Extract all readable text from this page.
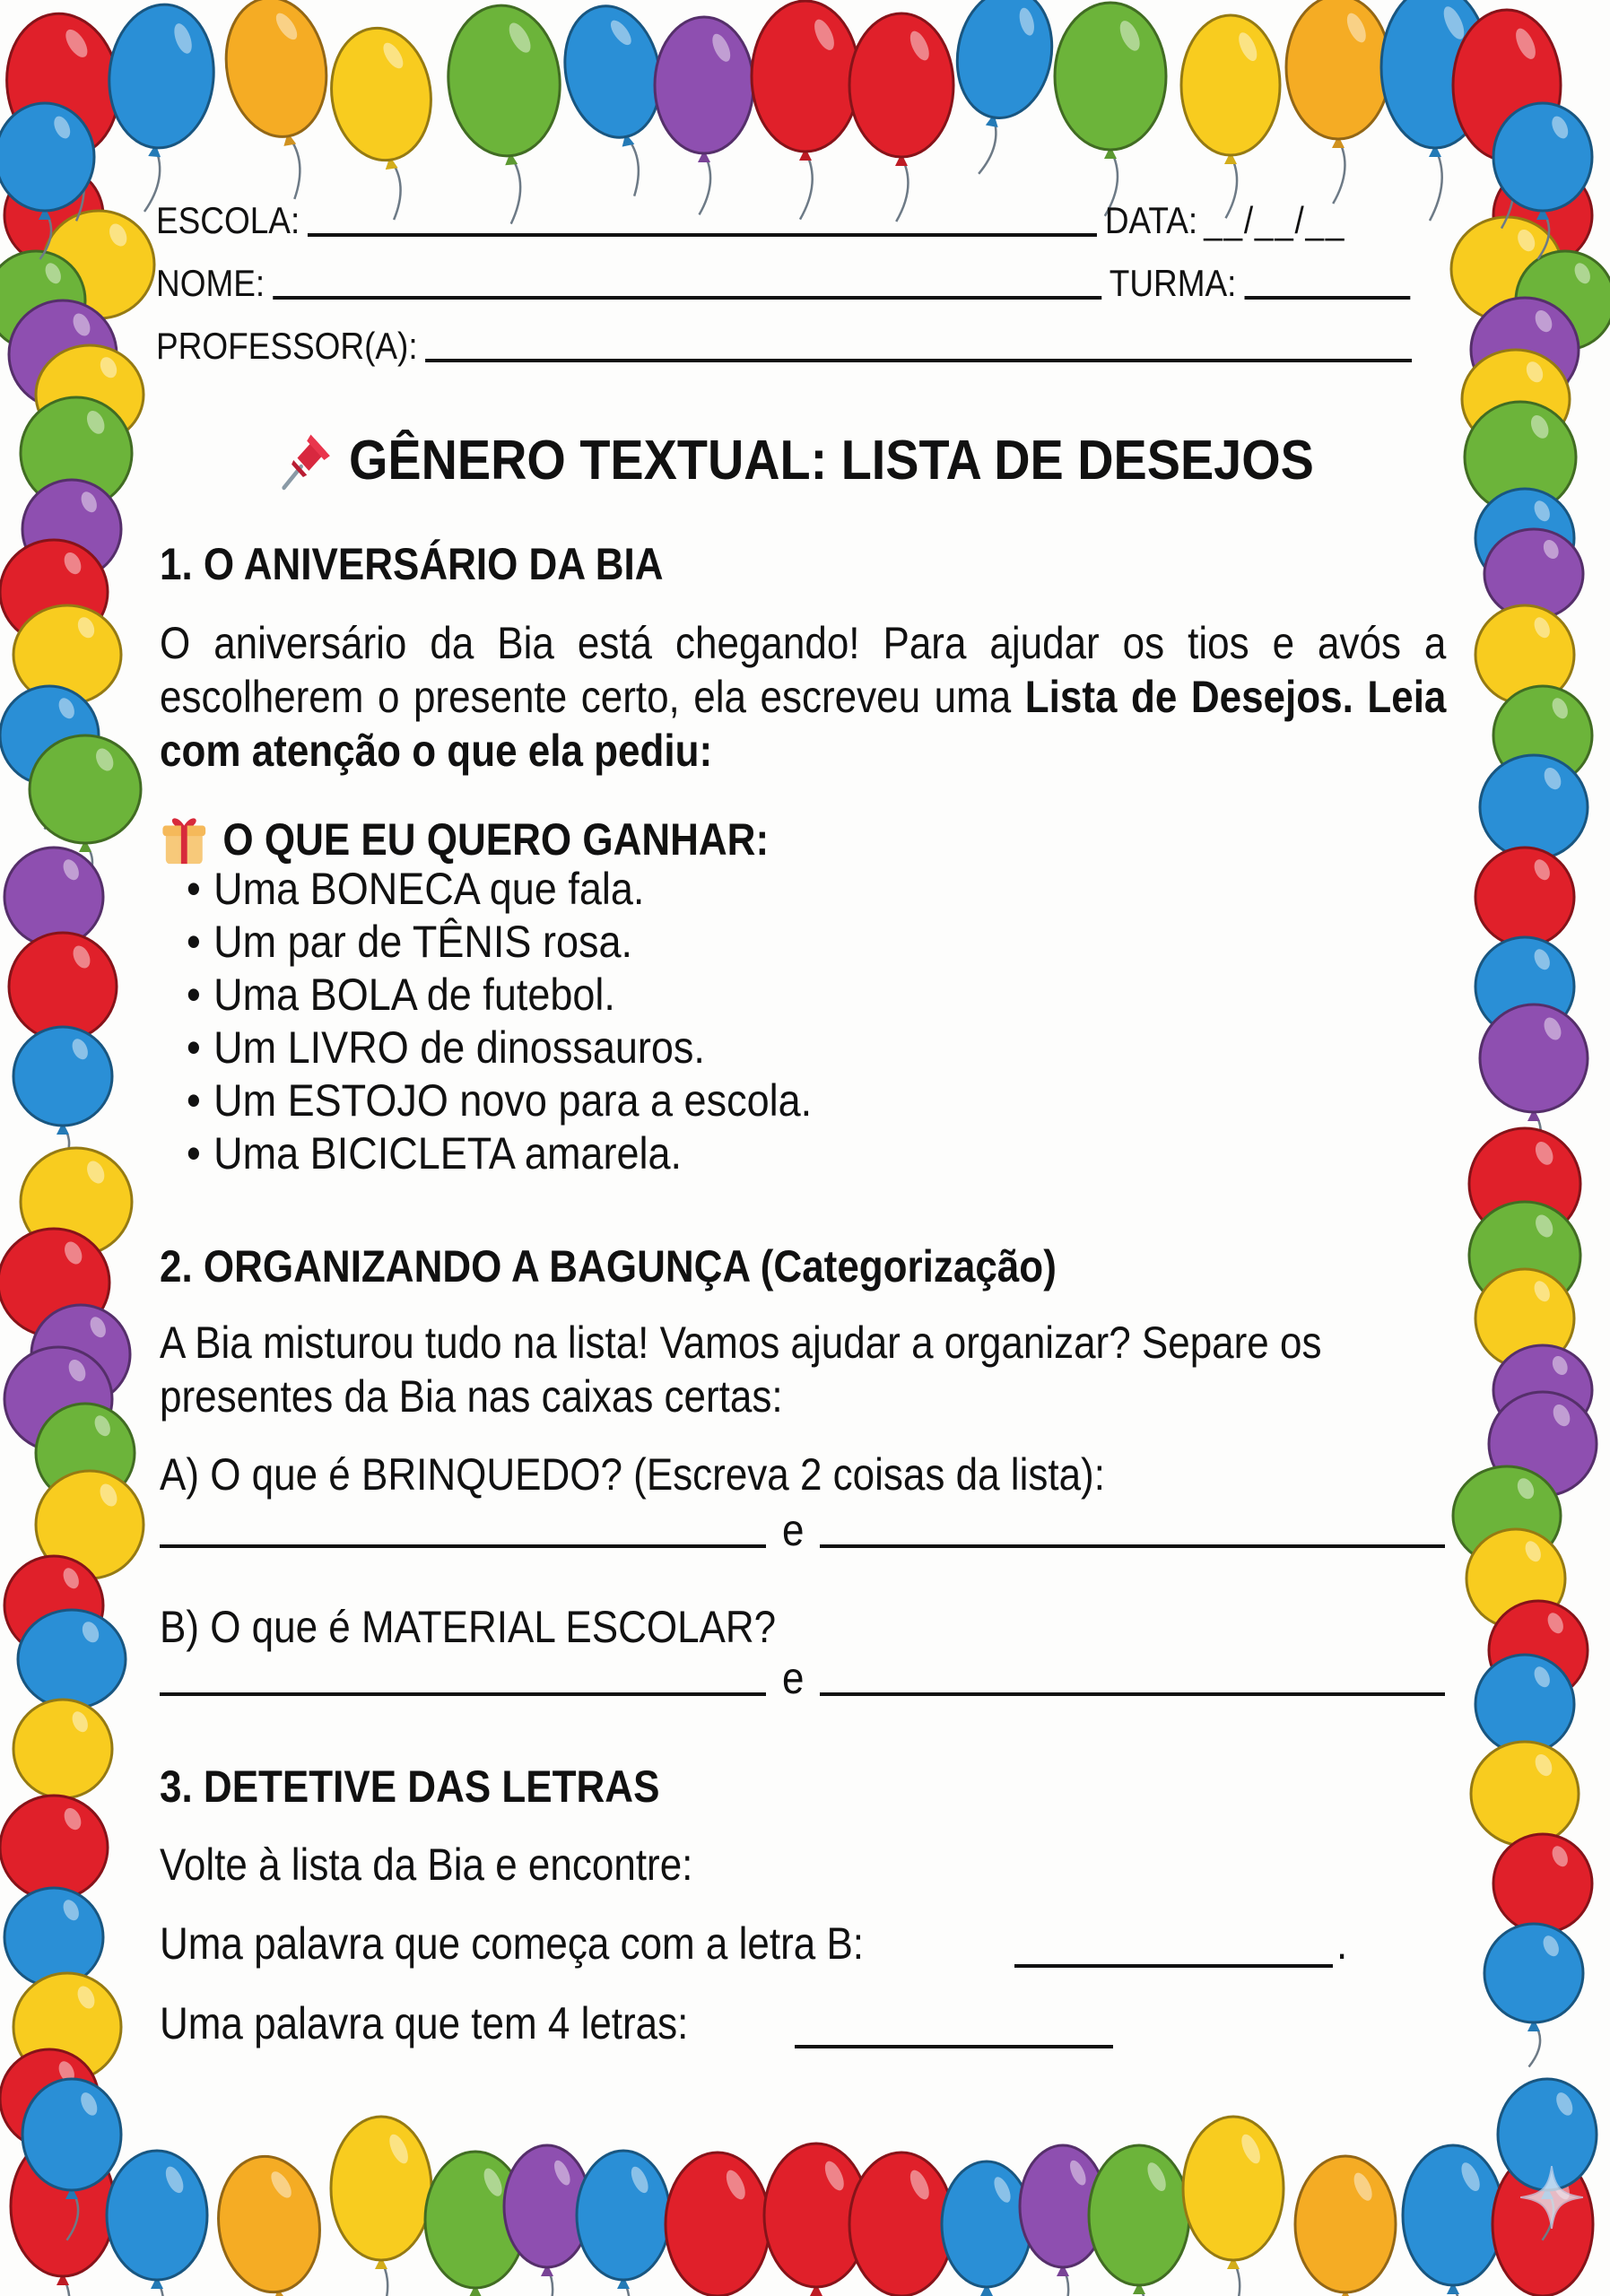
ESCOLA:	DATA: __/__/__
NOME:	TURMA:
PROFESSOR(A):
GÊNERO TEXTUAL: LISTA DE DESEJOS
1. O ANIVERSÁRIO DA BIA
O aniversário da Bia está chegando! Para ajudar os tios e avós a escolherem o presente certo, ela escreveu uma Lista de Desejos. Leia com atenção o que ela pediu:
O QUE EU QUERO GANHAR:
• Uma BONECA que fala.
• Um par de TÊNIS rosa.
• Uma BOLA de futebol.
• Um LIVRO de dinossauros.
• Um ESTOJO novo para a escola.
• Uma BICICLETA amarela.
2. ORGANIZANDO A BAGUNÇA (Categorização)
A Bia misturou tudo na lista! Vamos ajudar a organizar? Separe os presentes da Bia nas caixas certas:
A) O que é BRINQUEDO? (Escreva 2 coisas da lista):
e
B) O que é MATERIAL ESCOLAR?
e
3. DETETIVE DAS LETRAS
Volte à lista da Bia e encontre:
Uma palavra que começa com a letra B:	.
Uma palavra que tem 4 letras:
